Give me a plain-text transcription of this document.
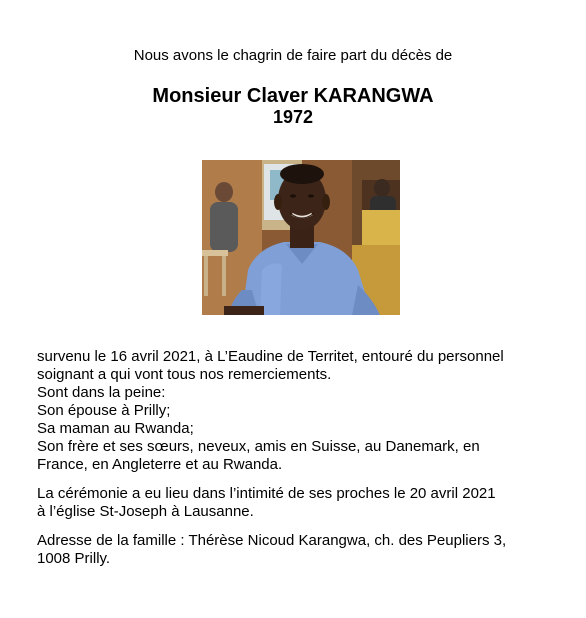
Nous avons le chagrin de faire part du décès de
Monsieur Claver KARANGWA
1972

survenu le 16 avril 2021, à L’Eaudine de Territet, entouré du personnel
soignant a qui vont tous nos remerciements.
Sont dans la peine:
Son épouse à Prilly;
Sa maman au Rwanda;
Son frère et ses sœurs, neveux, amis en Suisse, au Danemark, en
France, en Angleterre et au Rwanda.

La cérémonie a eu lieu dans l’intimité de ses proches le 20 avril 2021
à l’église St-Joseph à Lausanne.

Adresse de la famille : Thérèse Nicoud Karangwa, ch. des Peupliers 3,
1008 Prilly.
